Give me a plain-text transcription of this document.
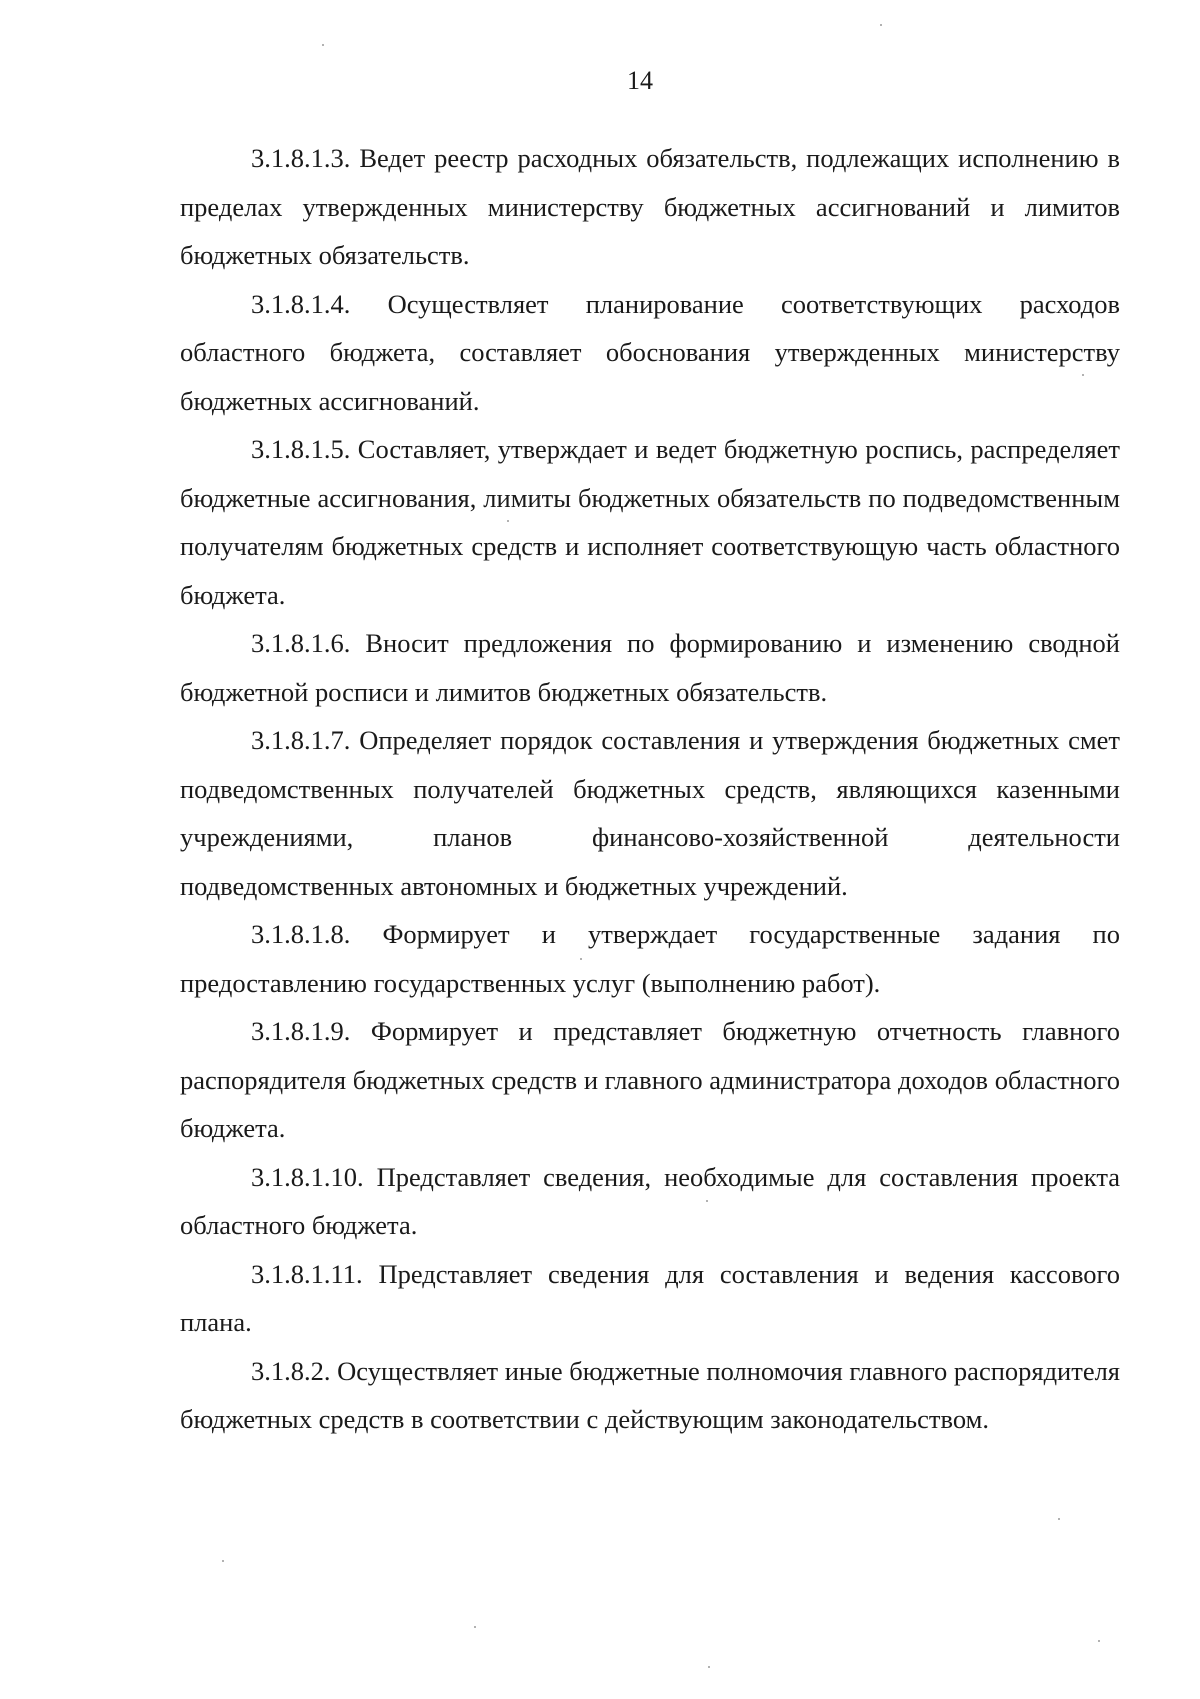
14

3.1.8.1.3. Ведет реестр расходных обязательств, подлежащих исполнению в пределах утвержденных министерству бюджетных ассигнований и лимитов бюджетных обязательств.

3.1.8.1.4. Осуществляет планирование соответствующих расходов областного бюджета, составляет обоснования утвержденных министерству бюджетных ассигнований.

3.1.8.1.5. Составляет, утверждает и ведет бюджетную роспись, распределяет бюджетные ассигнования, лимиты бюджетных обязательств по подведомственным получателям бюджетных средств и исполняет соответствующую часть областного бюджета.

3.1.8.1.6. Вносит предложения по формированию и изменению сводной бюджетной росписи и лимитов бюджетных обязательств.

3.1.8.1.7. Определяет порядок составления и утверждения бюджетных смет подведомственных получателей бюджетных средств, являющихся казенными учреждениями, планов финансово-хозяйственной деятельности подведомственных автономных и бюджетных учреждений.

3.1.8.1.8. Формирует и утверждает государственные задания по предоставлению государственных услуг (выполнению работ).

3.1.8.1.9. Формирует и представляет бюджетную отчетность главного распорядителя бюджетных средств и главного администратора доходов областного бюджета.

3.1.8.1.10. Представляет сведения, необходимые для составления проекта областного бюджета.

3.1.8.1.11. Представляет сведения для составления и ведения кассового плана.

3.1.8.2. Осуществляет иные бюджетные полномочия главного распорядителя бюджетных средств в соответствии с действующим законодательством.
